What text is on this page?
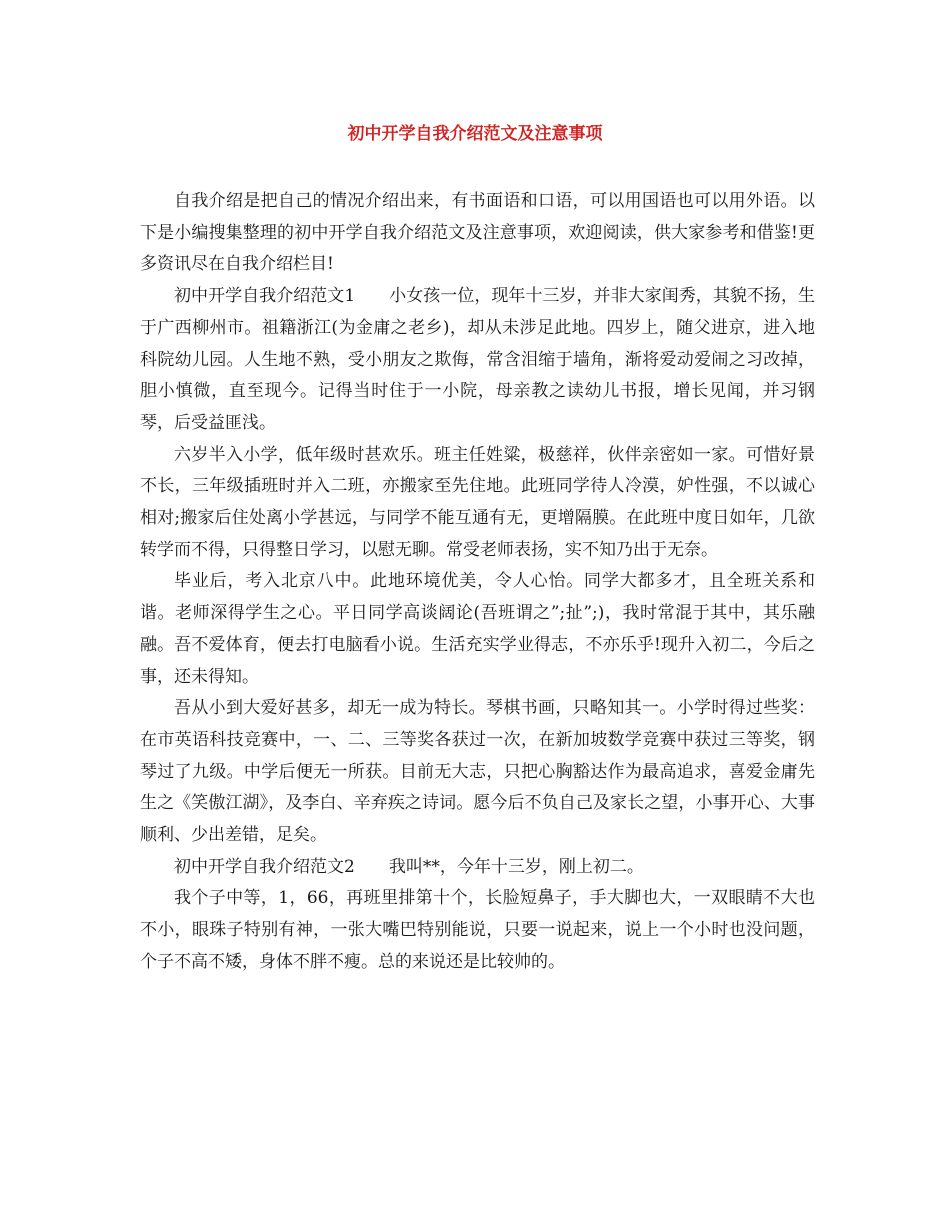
初中开学自我介绍范文及注意事项

自我介绍是把自己的情况介绍出来，有书面语和口语，可以用国语也可以用外语。以下是小编搜集整理的初中开学自我介绍范文及注意事项，欢迎阅读，供大家参考和借鉴!更多资讯尽在自我介绍栏目!

初中开学自我介绍范文1 小女孩一位，现年十三岁，并非大家闺秀，其貌不扬，生于广西柳州市。祖籍浙江(为金庸之老乡)，却从未涉足此地。四岁上，随父进京，进入地科院幼儿园。人生地不熟，受小朋友之欺侮，常含泪缩于墙角，渐将爱动爱闹之习改掉，胆小慎微，直至现今。记得当时住于一小院，母亲教之读幼儿书报，增长见闻，并习钢琴，后受益匪浅。

六岁半入小学，低年级时甚欢乐。班主任姓粱，极慈祥，伙伴亲密如一家。可惜好景不长，三年级插班时并入二班，亦搬家至先住地。此班同学待人冷漠，妒性强，不以诚心相对;搬家后住处离小学甚远，与同学不能互通有无，更增隔膜。在此班中度日如年，几欲转学而不得，只得整日学习，以慰无聊。常受老师表扬，实不知乃出于无奈。

毕业后，考入北京八中。此地环境优美，令人心怡。同学大都多才，且全班关系和谐。老师深得学生之心。平日同学高谈阔论(吾班谓之”;扯”;)，我时常混于其中，其乐融融。吾不爱体育，便去打电脑看小说。生活充实学业得志，不亦乐乎!现升入初二，今后之事，还未得知。

吾从小到大爱好甚多，却无一成为特长。琴棋书画，只略知其一。小学时得过些奖：在市英语科技竞赛中，一、二、三等奖各获过一次，在新加坡数学竞赛中获过三等奖，钢琴过了九级。中学后便无一所获。目前无大志，只把心胸豁达作为最高追求，喜爱金庸先生之《笑傲江湖》，及李白、辛弃疾之诗词。愿今后不负自己及家长之望，小事开心、大事顺利、少出差错，足矣。

初中开学自我介绍范文2 我叫**，今年十三岁，刚上初二。

我个子中等，1，66，再班里排第十个，长脸短鼻子，手大脚也大，一双眼睛不大也不小，眼珠子特别有神，一张大嘴巴特别能说，只要一说起来，说上一个小时也没问题，个子不高不矮，身体不胖不瘦。总的来说还是比较帅的。
